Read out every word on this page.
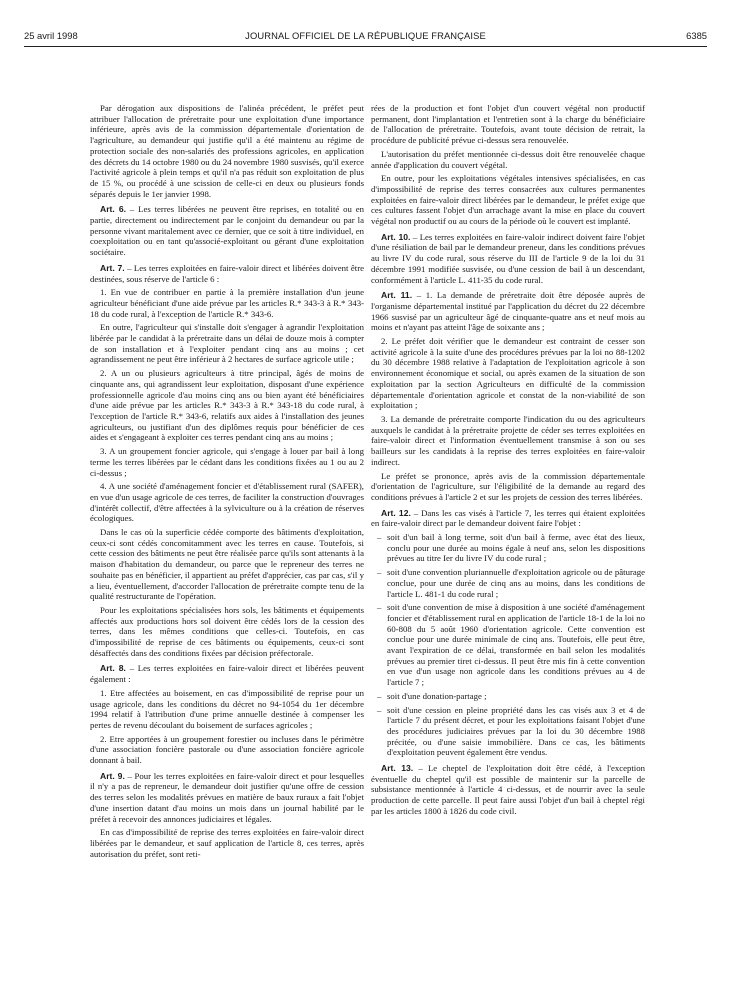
25 avril 1998	JOURNAL OFFICIEL DE LA RÉPUBLIQUE FRANÇAISE	6385

Par dérogation aux dispositions de l'alinéa précédent, le préfet peut attribuer l'allocation de préretraite pour une exploitation d'une importance inférieure, après avis de la commission départementale d'orientation de l'agriculture, au demandeur qui justifie qu'il a été maintenu au régime de protection sociale des non-salariés des professions agricoles, en application des décrets du 14 octobre 1980 ou du 24 novembre 1980 susvisés, qu'il exerce l'activité agricole à plein temps et qu'il n'a pas réduit son exploitation de plus de 15 %, ou procédé à une scission de celle-ci en deux ou plusieurs fonds séparés depuis le 1er janvier 1998.

Art. 6. – Les terres libérées ne peuvent être reprises, en totalité ou en partie, directement ou indirectement par le conjoint du demandeur ou par la personne vivant maritalement avec ce dernier, que ce soit à titre individuel, en coexploitation ou en tant qu'associé-exploitant ou gérant d'une exploitation sociétaire.

Art. 7. – Les terres exploitées en faire-valoir direct et libérées doivent être destinées, sous réserve de l'article 6 :

1. En vue de contribuer en partie à la première installation d'un jeune agriculteur bénéficiant d'une aide prévue par les articles R.* 343-3 à R.* 343-18 du code rural, à l'exception de l'article R.* 343-6.

En outre, l'agriculteur qui s'installe doit s'engager à agrandir l'exploitation libérée par le candidat à la préretraite dans un délai de douze mois à compter de son installation et à l'exploiter pendant cinq ans au moins ; cet agrandissement ne peut être inférieur à 2 hectares de surface agricole utile ;

2. A un ou plusieurs agriculteurs à titre principal, âgés de moins de cinquante ans, qui agrandissent leur exploitation, disposant d'une expérience professionnelle agricole d'au moins cinq ans ou bien ayant été bénéficiaires d'une aide prévue par les articles R.* 343-3 à R.* 343-18 du code rural, à l'exception de l'article R.* 343-6, relatifs aux aides à l'installation des jeunes agriculteurs, ou justifiant d'un des diplômes requis pour bénéficier de ces aides et s'engageant à exploiter ces terres pendant cinq ans au moins ;

3. A un groupement foncier agricole, qui s'engage à louer par bail à long terme les terres libérées par le cédant dans les conditions fixées au 1 ou au 2 ci-dessus ;

4. A une société d'aménagement foncier et d'établissement rural (SAFER), en vue d'un usage agricole de ces terres, de faciliter la construction d'ouvrages d'intérêt collectif, d'être affectées à la sylviculture ou à la création de réserves écologiques.

Dans le cas où la superficie cédée comporte des bâtiments d'exploitation, ceux-ci sont cédés concomitamment avec les terres en cause. Toutefois, si cette cession des bâtiments ne peut être réalisée parce qu'ils sont attenants à la maison d'habitation du demandeur, ou parce que le repreneur des terres ne souhaite pas en bénéficier, il appartient au préfet d'apprécier, cas par cas, s'il y a lieu, éventuellement, d'accorder l'allocation de préretraite compte tenu de la qualité restructurante de l'opération.

Pour les exploitations spécialisées hors sols, les bâtiments et équipements affectés aux productions hors sol doivent être cédés lors de la cession des terres, dans les mêmes conditions que celles-ci. Toutefois, en cas d'impossibilité de reprise de ces bâtiments ou équipements, ceux-ci sont désaffectés dans des conditions fixées par décision préfectorale.

Art. 8. – Les terres exploitées en faire-valoir direct et libérées peuvent également :

1. Etre affectées au boisement, en cas d'impossibilité de reprise pour un usage agricole, dans les conditions du décret no 94-1054 du 1er décembre 1994 relatif à l'attribution d'une prime annuelle destinée à compenser les pertes de revenu découlant du boisement de surfaces agricoles ;

2. Etre apportées à un groupement forestier ou incluses dans le périmètre d'une association foncière pastorale ou d'une association foncière agricole donnant à bail.

Art. 9. – Pour les terres exploitées en faire-valoir direct et pour lesquelles il n'y a pas de repreneur, le demandeur doit justifier qu'une offre de cession des terres selon les modalités prévues en matière de baux ruraux a fait l'objet d'une insertion datant d'au moins un mois dans un journal habilité par le préfet à recevoir des annonces judiciaires et légales.

En cas d'impossibilité de reprise des terres exploitées en faire-valoir direct libérées par le demandeur, et sauf application de l'article 8, ces terres, après autorisation du préfet, sont reti-

rées de la production et font l'objet d'un couvert végétal non productif permanent, dont l'implantation et l'entretien sont à la charge du bénéficiaire de l'allocation de préretraite. Toutefois, avant toute décision de retrait, la procédure de publicité prévue ci-dessus sera renouvelée.

L'autorisation du préfet mentionnée ci-dessus doit être renouvelée chaque année d'application du couvert végétal.

En outre, pour les exploitations végétales intensives spécialisées, en cas d'impossibilité de reprise des terres consacrées aux cultures permanentes exploitées en faire-valoir direct libérées par le demandeur, le préfet exige que ces cultures fassent l'objet d'un arrachage avant la mise en place du couvert végétal non productif ou au cours de la période où le couvert est implanté.

Art. 10. – Les terres exploitées en faire-valoir indirect doivent faire l'objet d'une résiliation de bail par le demandeur preneur, dans les conditions prévues au livre IV du code rural, sous réserve du III de l'article 9 de la loi du 31 décembre 1991 modifiée susvisée, ou d'une cession de bail à un descendant, conformément à l'article L. 411-35 du code rural.

Art. 11. – 1. La demande de préretraite doit être déposée auprès de l'organisme départemental institué par l'application du décret du 22 décembre 1966 susvisé par un agriculteur âgé de cinquante-quatre ans et neuf mois au moins et n'ayant pas atteint l'âge de soixante ans ;

2. Le préfet doit vérifier que le demandeur est contraint de cesser son activité agricole à la suite d'une des procédures prévues par la loi no 88-1202 du 30 décembre 1988 relative à l'adaptation de l'exploitation agricole à son environnement économique et social, ou après examen de la situation de son exploitation par la section Agriculteurs en difficulté de la commission départementale d'orientation agricole et constat de la non-viabilité de son exploitation ;

3. La demande de préretraite comporte l'indication du ou des agriculteurs auxquels le candidat à la préretraite projette de céder ses terres exploitées en faire-valoir direct et l'information éventuellement transmise à son ou ses bailleurs sur les candidats à la reprise des terres exploitées en faire-valoir indirect.

Le préfet se prononce, après avis de la commission départementale d'orientation de l'agriculture, sur l'éligibilité de la demande au regard des conditions prévues à l'article 2 et sur les projets de cession des terres libérées.

Art. 12. – Dans les cas visés à l'article 7, les terres qui étaient exploitées en faire-valoir direct par le demandeur doivent faire l'objet :

– soit d'un bail à long terme, soit d'un bail à ferme, avec état des lieux, conclu pour une durée au moins égale à neuf ans, selon les dispositions prévues au titre Ier du livre IV du code rural ;
– soit d'une convention pluriannuelle d'exploitation agricole ou de pâturage conclue, pour une durée de cinq ans au moins, dans les conditions de l'article L. 481-1 du code rural ;
– soit d'une convention de mise à disposition à une société d'aménagement foncier et d'établissement rural en application de l'article 18-1 de la loi no 60-808 du 5 août 1960 d'orientation agricole. Cette convention est conclue pour une durée minimale de cinq ans. Toutefois, elle peut être, avant l'expiration de ce délai, transformée en bail selon les modalités prévues au premier tiret ci-dessus. Il peut être mis fin à cette convention en vue d'un usage non agricole dans les conditions prévues au 4 de l'article 7 ;
– soit d'une donation-partage ;
– soit d'une cession en pleine propriété dans les cas visés aux 3 et 4 de l'article 7 du présent décret, et pour les exploitations faisant l'objet d'une des procédures judiciaires prévues par la loi du 30 décembre 1988 précitée, ou d'une saisie immobilière. Dans ce cas, les bâtiments d'exploitation peuvent également être vendus.

Art. 13. – Le cheptel de l'exploitation doit être cédé, à l'exception éventuelle du cheptel qu'il est possible de maintenir sur la parcelle de subsistance mentionnée à l'article 4 ci-dessus, et de nourrir avec la seule production de cette parcelle. Il peut faire aussi l'objet d'un bail à cheptel régi par les articles 1800 à 1826 du code civil.
